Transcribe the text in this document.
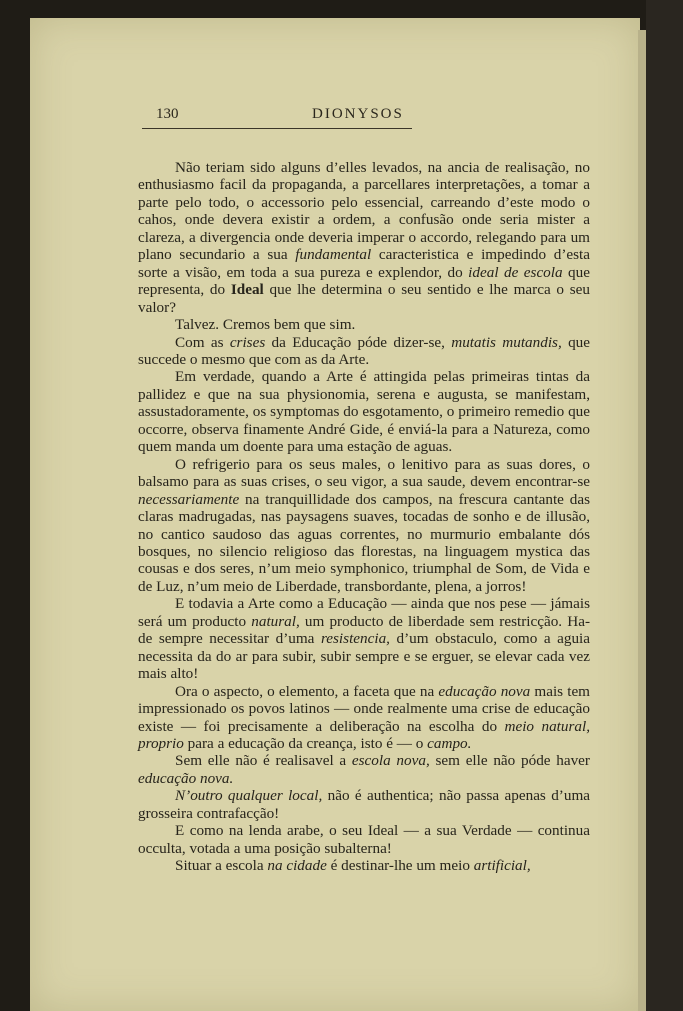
130	DIONYSOS

Não teriam sido alguns d’elles levados, na ancia de realisação, no enthusiasmo facil da propaganda, a parcellares interpretações, a tomar a parte pelo todo, o accessorio pelo essencial, carreando d’este modo o cahos, onde devera existir a ordem, a confusão onde seria mister a clareza, a divergencia onde deveria imperar o accordo, relegando para um plano secundario a sua fundamental caracteristica e impedindo d’esta sorte a visão, em toda a sua pureza e explendor, do ideal de escola que representa, do Ideal que lhe determina o seu sentido e lhe marca o seu valor?

Talvez. Cremos bem que sim.

Com as crises da Educação póde dizer-se, mutatis mutandis, que succede o mesmo que com as da Arte.

Em verdade, quando a Arte é attingida pelas primeiras tintas da pallidez e que na sua physionomia, serena e augusta, se manifestam, assustadoramente, os symptomas do esgotamento, o primeiro remedio que occorre, observa finamente André Gide, é enviá-la para a Natureza, como quem manda um doente para uma estação de aguas.

O refrigerio para os seus males, o lenitivo para as suas dores, o balsamo para as suas crises, o seu vigor, a sua saude, devem encontrar-se necessariamente na tranquillidade dos campos, na frescura cantante das claras madrugadas, nas paysagens suaves, tocadas de sonho e de illusão, no cantico saudoso das aguas correntes, no murmurio embalante dós bosques, no silencio religioso das florestas, na linguagem mystica das cousas e dos seres, n’um meio symphonico, triumphal de Som, de Vida e de Luz, n’um meio de Liberdade, transbordante, plena, a jorros!

E todavia a Arte como a Educação — ainda que nos pese — jámais será um producto natural, um producto de liberdade sem restricção. Ha-de sempre necessitar d’uma resistencia, d’um obstaculo, como a aguia necessita da do ar para subir, subir sempre e se erguer, se elevar cada vez mais alto!

Ora o aspecto, o elemento, a faceta que na educação nova mais tem impressionado os povos latinos — onde realmente uma crise de educação existe — foi precisamente a deliberação na escolha do meio natural, proprio para a educação da creança, isto é — o campo.

Sem elle não é realisavel a escola nova, sem elle não póde haver educação nova.

N’outro qualquer local, não é authentica; não passa apenas d’uma grosseira contrafacção!

E como na lenda arabe, o seu Ideal — a sua Verdade — continua occulta, votada a uma posição subalterna!

Situar a escola na cidade é destinar-lhe um meio artificial,
